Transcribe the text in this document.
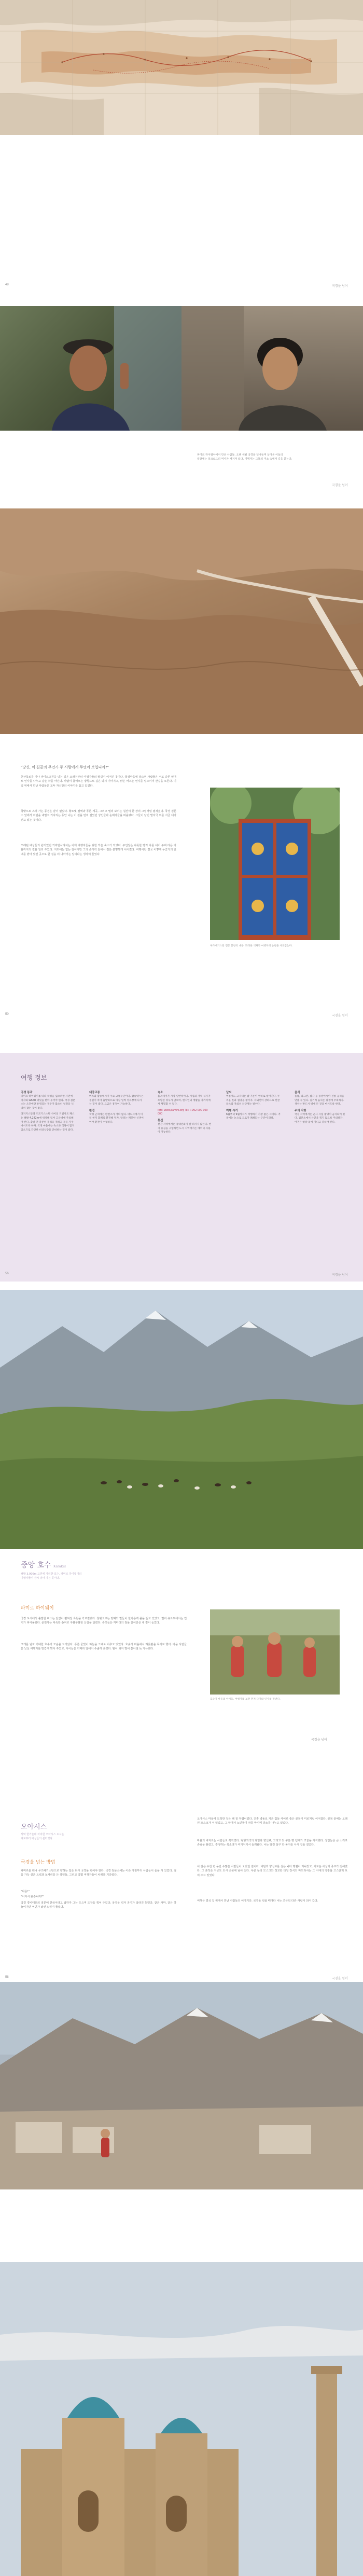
48	국경을 넘어
파미르 하이웨이에서 만난 사람들. 오랜 세월 국경을 넘나들며 살아온 이들의
얼굴에는 실크로드의 역사가 새겨져 있다. 여행자는 그들의 미소 속에서 길을 묻는다.
국경을 넘어
"당신, 이 길끝의 무언가 두 사람에게 무엇이 보입니까?"
천산북로를 지나 파미르고원을 넘는 길은 오래전부터 여행자들의 발길이 이어진 곳이다. 국경마을에 닿으면 사람들은 서로 다른 언어로 인사를 나누고 같은 차를 마신다. 바람이 불어오는 방향으로 길은 다시 이어지고, 낡은 버스는 먼지를 일으키며 산길을 오른다. 이 길 위에서 만난 사람들은 모두 자신만의 이야기를 품고 있었다.
창밖으로 스쳐 가는 풍경은 끝이 없었다. 황토빛 절벽과 푸른 계곡, 그리고 멀리 보이는 설산이 한 장의 그림처럼 펼쳐졌다. 국경 검문소 앞에서 여권을 내밀고 기다리는 동안 나는 이 길을 먼저 걸었던 상인들과 순례자들을 떠올렸다. 그들이 남긴 발자국 위를 지금 내가 걷고 있는 것이다.
오래된 대상들의 쉼터였던 카라반사라이는 이제 여행자들을 위한 작은 숙소가 되었다. 주인장은 따뜻한 빵과 차를 내어 주며 다음 마을까지의 길을 일러 주었다. 지도에는 없는 길이지만 그의 손가락 끝에서 길은 분명하게 이어졌다. 여행이란 결국 이렇게 누군가의 안내를 받아 낯선 곳으로 한 걸음 더 나아가는 일이라는 생각이 들었다.
우즈베키스탄 전통 문양의 대문. 화려한 색채가 여행자의 눈길을 사로잡는다.
50	국경을 넘어
여행 정보
국경 통과
파미르 하이웨이를 따라 국경을 넘으려면 사전에 비자와 GBAO 퍼밋을 받아 두어야 한다. 국경 검문소는 오전에만 운영되는 경우가 많으니 일정을 넉넉히 잡는 것이 좋다.
타지키스탄과 키르기스스탄 사이의 키질아트 패스는 해발 4,282m에 위치해 있어 고산병에 주의해야 한다. 출발 전 충분히 휴식을 취하고 물을 자주 마시도록 하자. 국경 마을에는 숙소와 식당이 많지 않으므로 간단한 비상식량을 준비하는 것이 좋다.
대중교통
버스와 합승택시가 주요 교통수단이다. 합승택시는 정원이 차야 출발하므로 아침 일찍 정류장에 나가는 것이 좋다. 요금은 흥정이 가능하다.
환전
국경 근처에는 환전소가 거의 없다. 대도시에서 미리 현지 화폐로 환전해 두자. 달러는 깨끗한 신권이어야 환전이 수월하다.
숙소
홈스테이가 가장 일반적이다. 아침과 저녁 식사가 포함된 경우가 많으며, 현지인의 생활을 가까이에서 체험할 수 있다.
Info: www.pamirs.org Tel: +992 000 000 000
통신
산간 지역에서는 휴대전화가 잘 터지지 않는다. 현지 유심을 구입하면 도시 지역에서는 데이터 사용이 가능하다.
날씨
여름에도 고지대는 밤 기온이 영하로 떨어진다. 두꺼운 옷과 침낭을 챙기자. 자외선이 강하므로 선글라스와 자외선 차단제는 필수다.
여행 시기
6월부터 9월까지가 여행하기 가장 좋은 시기다. 겨울에는 눈으로 도로가 폐쇄되는 구간이 많다.
음식
플롭, 라그만, 삼사 등 중앙아시아 전통 음식을 맛볼 수 있다. 길거리 음식은 위생에 주의하자. 생수는 반드시 병에 든 것을 마시도록 한다.
주의 사항
국경 지역에서는 군사 시설 촬영이 금지되어 있다. 검문소에서 사진을 찍지 않도록 주의하자. 여권은 항상 몸에 지니고 다녀야 한다.
56	국경을 넘어
중앙 호수 Karakul
해발 3,900m 고원에 자리한 호수. 파미르 하이웨이의
여행자들이 잠시 쉬어 가는 곳이다.
파미르 하이웨이
국경 도시에서 출발한 버스는 끝없이 펼쳐진 초원을 가로질렀다. 창밖으로는 양떼와 말들이 한가롭게 풀을 뜯고 있었고, 멀리 유르트에서는 연기가 피어올랐다. 운전사는 익숙한 솜씨로 구불구불한 산길을 달렸다. 승객들은 저마다의 짐을 끌어안은 채 잠이 들었다.
고개를 넘자 거대한 호수가 모습을 드러냈다. 푸른 물빛이 하늘을 그대로 비추고 있었다. 호숫가 마을에서 하룻밤을 묵기로 했다. 마을 사람들은 낯선 여행자를 반갑게 맞아 주었고, 아이들은 카메라 앞에서 수줍게 웃었다. 밤이 되자 별이 쏟아질 듯 가득했다.
호숫가 마을의 아이들. 여행자를 보면 먼저 다가와 인사를 건넨다.
국경을 넘어
오아시스
사막 한가운데 자리한 오아시스 도시는
예로부터 대상들의 쉼터였다.
국경을 넘는 방법
파미르를 떠나 우즈베키스탄으로 향하는 길은 다시 국경을 넘어야 한다. 국경 검문소에는 이른 아침부터 사람들이 줄을 서 있었다. 짐을 가득 실은 트럭과 보따리를 든 상인들, 그리고 몇몇 여행자들이 차례를 기다렸다.
"다음!"
"어디서 왔습니까?"
국경 경비대원의 질문에 한국이라고 답하자 그는 웃으며 도장을 찍어 주었다. 국경을 넘자 공기가 달라진 듯했다. 같은 사막, 같은 하늘이지만 어딘가 낯선 느낌이 들었다.
오아시스 마을에 도착한 것은 해 질 무렵이었다. 진흙 벽돌로 지은 집들 사이로 좁은 골목이 미로처럼 이어졌다. 골목 끝에는 오래된 모스크가 서 있었고, 그 앞에서 노인들이 차를 마시며 담소를 나누고 있었다.
마을의 바자르는 사람들로 북적였다. 형형색색의 과일과 향신료, 그리고 갓 구운 빵 냄새가 코끝을 자극했다. 상인들은 큰 소리로 손님을 불렀고, 흥정하는 목소리가 여기저기서 들려왔다. 나는 말린 살구 한 봉지를 사서 길을 걸었다.
이 길은 수천 년 동안 수많은 사람들이 오갔던 길이다. 비단과 향신료를 실은 낙타 행렬이 지나갔고, 새로운 사상과 종교가 전해졌다. 그 흔적은 지금도 도시 곳곳에 남아 있다. 푸른 돔의 모스크와 정교한 타일 장식의 마드라사는 그 시대의 영광을 고스란히 보여 주고 있었다.
여행은 결국 길 위에서 만난 사람들의 이야기다. 국경을 넘을 때마다 나는 조금씩 다른 사람이 되어 갔다.
58	국경을 넘어
